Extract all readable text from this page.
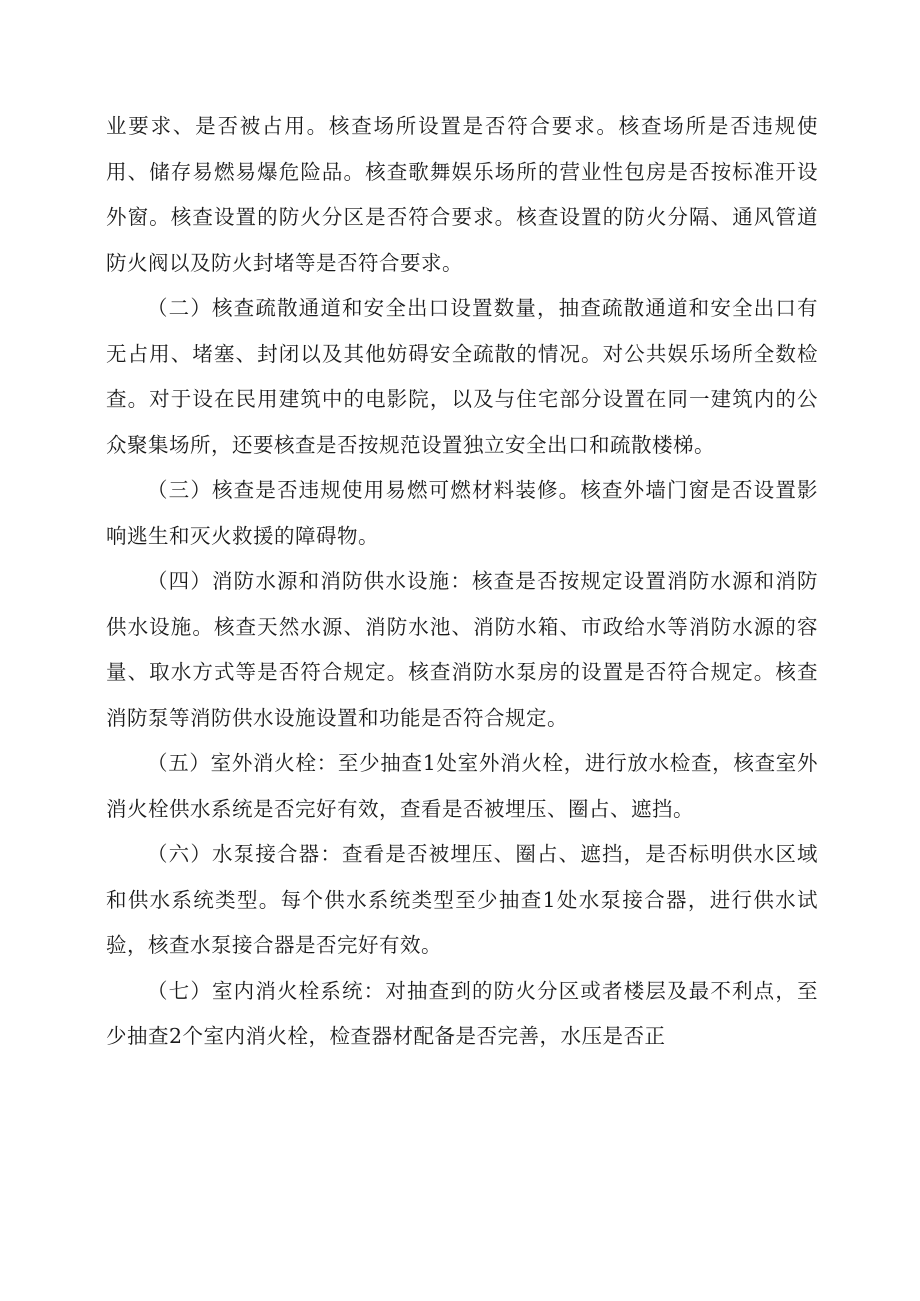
业要求、是否被占用。核查场所设置是否符合要求。核查场所是否违规使用、储存易燃易爆危险品。核查歌舞娱乐场所的营业性包房是否按标准开设外窗。核查设置的防火分区是否符合要求。核查设置的防火分隔、通风管道防火阀以及防火封堵等是否符合要求。

（二）核查疏散通道和安全出口设置数量，抽查疏散通道和安全出口有无占用、堵塞、封闭以及其他妨碍安全疏散的情况。对公共娱乐场所全数检查。对于设在民用建筑中的电影院，以及与住宅部分设置在同一建筑内的公众聚集场所，还要核查是否按规范设置独立安全出口和疏散楼梯。

（三）核查是否违规使用易燃可燃材料装修。核查外墙门窗是否设置影响逃生和灭火救援的障碍物。

（四）消防水源和消防供水设施：核查是否按规定设置消防水源和消防供水设施。核查天然水源、消防水池、消防水箱、市政给水等消防水源的容量、取水方式等是否符合规定。核查消防水泵房的设置是否符合规定。核查消防泵等消防供水设施设置和功能是否符合规定。

（五）室外消火栓：至少抽查1处室外消火栓，进行放水检查，核查室外消火栓供水系统是否完好有效，查看是否被埋压、圈占、遮挡。

（六）水泵接合器：查看是否被埋压、圈占、遮挡，是否标明供水区域和供水系统类型。每个供水系统类型至少抽查1处水泵接合器，进行供水试验，核查水泵接合器是否完好有效。

（七）室内消火栓系统：对抽查到的防火分区或者楼层及最不利点，至少抽查2个室内消火栓，检查器材配备是否完善，水压是否正
